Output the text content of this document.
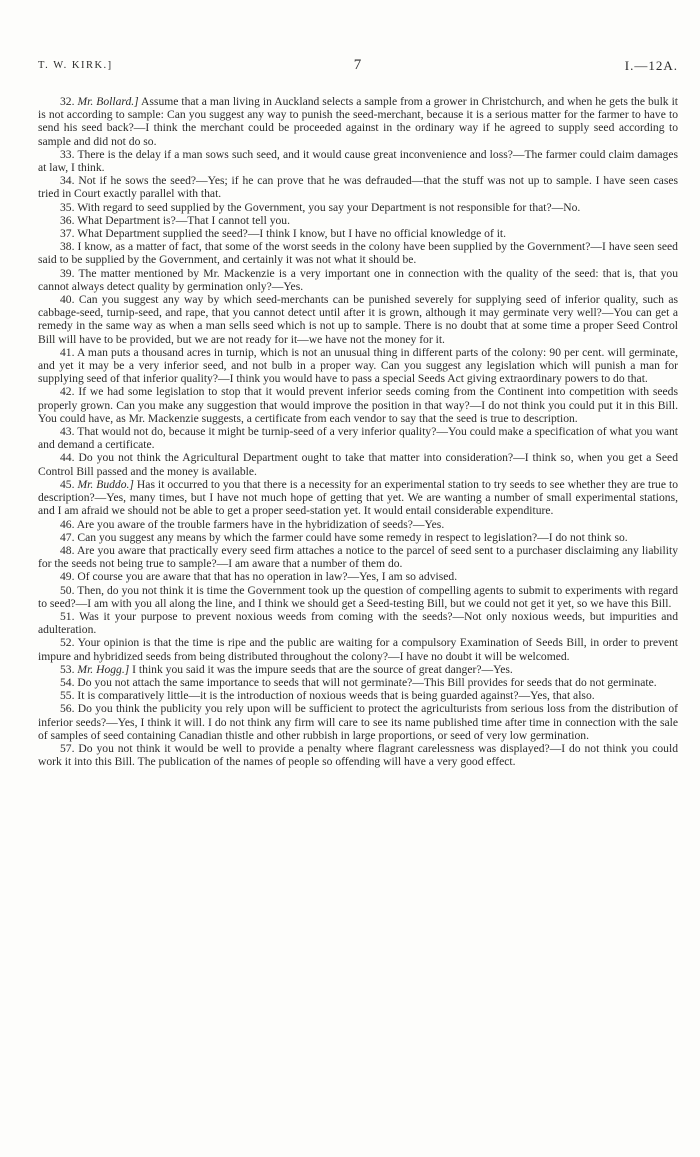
T. W. KIRK.]	7	I.—12A.

32. Mr. Bollard.] Assume that a man living in Auckland selects a sample from a grower in Christchurch, and when he gets the bulk it is not according to sample: Can you suggest any way to punish the seed-merchant, because it is a serious matter for the farmer to have to send his seed back?—I think the merchant could be proceeded against in the ordinary way if he agreed to supply seed according to sample and did not do so.

33. There is the delay if a man sows such seed, and it would cause great inconvenience and loss?—The farmer could claim damages at law, I think.

34. Not if he sows the seed?—Yes; if he can prove that he was defrauded—that the stuff was not up to sample. I have seen cases tried in Court exactly parallel with that.

35. With regard to seed supplied by the Government, you say your Department is not responsible for that?—No.

36. What Department is?—That I cannot tell you.

37. What Department supplied the seed?—I think I know, but I have no official knowledge of it.

38. I know, as a matter of fact, that some of the worst seeds in the colony have been supplied by the Government?—I have seen seed said to be supplied by the Government, and certainly it was not what it should be.

39. The matter mentioned by Mr. Mackenzie is a very important one in connection with the quality of the seed: that is, that you cannot always detect quality by germination only?—Yes.

40. Can you suggest any way by which seed-merchants can be punished severely for supplying seed of inferior quality, such as cabbage-seed, turnip-seed, and rape, that you cannot detect until after it is grown, although it may germinate very well?—You can get a remedy in the same way as when a man sells seed which is not up to sample. There is no doubt that at some time a proper Seed Control Bill will have to be provided, but we are not ready for it—we have not the money for it.

41. A man puts a thousand acres in turnip, which is not an unusual thing in different parts of the colony: 90 per cent. will germinate, and yet it may be a very inferior seed, and not bulb in a proper way. Can you suggest any legislation which will punish a man for supplying seed of that inferior quality?—I think you would have to pass a special Seeds Act giving extraordinary powers to do that.

42. If we had some legislation to stop that it would prevent inferior seeds coming from the Continent into competition with seeds properly grown. Can you make any suggestion that would improve the position in that way?—I do not think you could put it in this Bill. You could have, as Mr. Mackenzie suggests, a certificate from each vendor to say that the seed is true to description.

43. That would not do, because it might be turnip-seed of a very inferior quality?—You could make a specification of what you want and demand a certificate.

44. Do you not think the Agricultural Department ought to take that matter into consideration?—I think so, when you get a Seed Control Bill passed and the money is available.

45. Mr. Buddo.] Has it occurred to you that there is a necessity for an experimental station to try seeds to see whether they are true to description?—Yes, many times, but I have not much hope of getting that yet. We are wanting a number of small experimental stations, and I am afraid we should not be able to get a proper seed-station yet. It would entail considerable expenditure.

46. Are you aware of the trouble farmers have in the hybridization of seeds?—Yes.

47. Can you suggest any means by which the farmer could have some remedy in respect to legislation?—I do not think so.

48. Are you aware that practically every seed firm attaches a notice to the parcel of seed sent to a purchaser disclaiming any liability for the seeds not being true to sample?—I am aware that a number of them do.

49. Of course you are aware that that has no operation in law?—Yes, I am so advised.

50. Then, do you not think it is time the Government took up the question of compelling agents to submit to experiments with regard to seed?—I am with you all along the line, and I think we should get a Seed-testing Bill, but we could not get it yet, so we have this Bill.

51. Was it your purpose to prevent noxious weeds from coming with the seeds?—Not only noxious weeds, but impurities and adulteration.

52. Your opinion is that the time is ripe and the public are waiting for a compulsory Examination of Seeds Bill, in order to prevent impure and hybridized seeds from being distributed throughout the colony?—I have no doubt it will be welcomed.

53. Mr. Hogg.] I think you said it was the impure seeds that are the source of great danger?—Yes.

54. Do you not attach the same importance to seeds that will not germinate?—This Bill provides for seeds that do not germinate.

55. It is comparatively little—it is the introduction of noxious weeds that is being guarded against?—Yes, that also.

56. Do you think the publicity you rely upon will be sufficient to protect the agriculturists from serious loss from the distribution of inferior seeds?—Yes, I think it will. I do not think any firm will care to see its name published time after time in connection with the sale of samples of seed containing Canadian thistle and other rubbish in large proportions, or seed of very low germination.

57. Do you not think it would be well to provide a penalty where flagrant carelessness was displayed?—I do not think you could work it into this Bill. The publication of the names of people so offending will have a very good effect.
